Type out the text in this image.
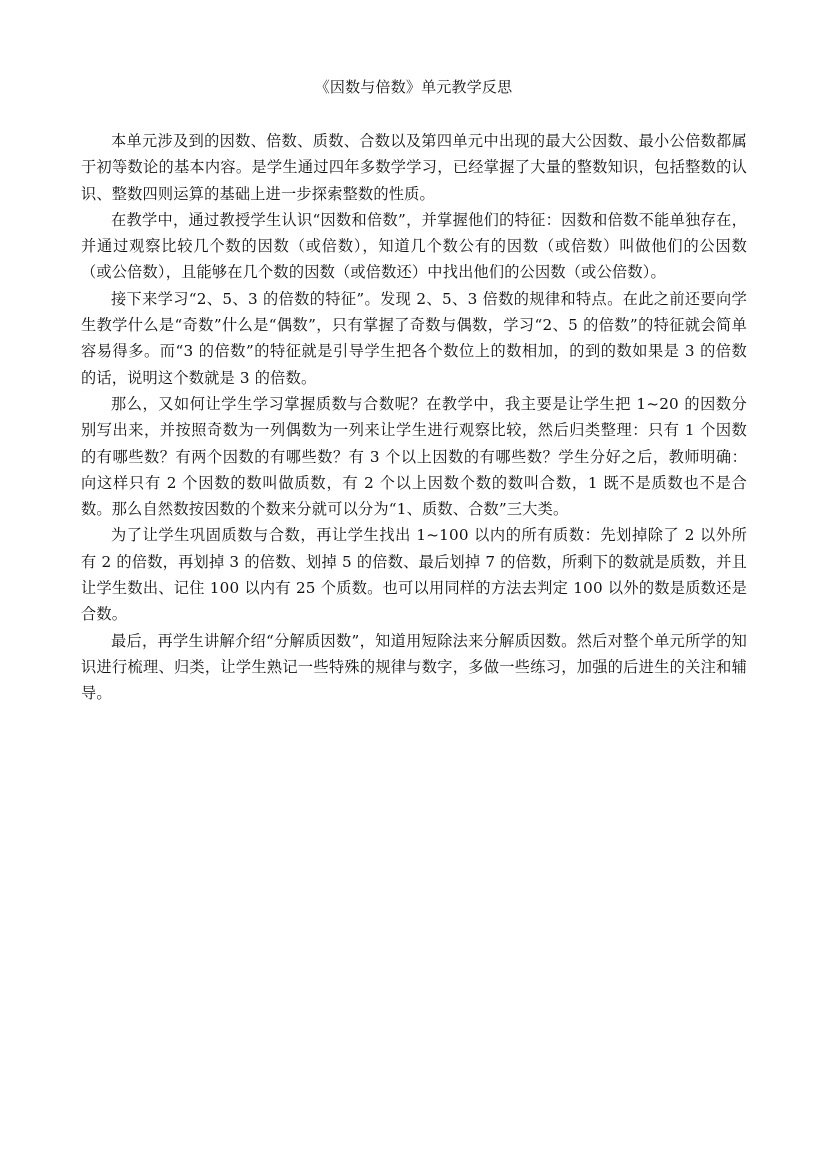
《因数与倍数》单元教学反思

本单元涉及到的因数、倍数、质数、合数以及第四单元中出现的最大公因数、最小公倍数都属于初等数论的基本内容。是学生通过四年多数学学习，已经掌握了大量的整数知识，包括整数的认识、整数四则运算的基础上进一步探索整数的性质。

在教学中，通过教授学生认识“因数和倍数”，并掌握他们的特征：因数和倍数不能单独存在，并通过观察比较几个数的因数（或倍数），知道几个数公有的因数（或倍数）叫做他们的公因数（或公倍数），且能够在几个数的因数（或倍数还）中找出他们的公因数（或公倍数）。

接下来学习“2、5、3 的倍数的特征”。发现 2、5、3 倍数的规律和特点。在此之前还要向学生教学什么是“奇数”什么是“偶数”，只有掌握了奇数与偶数，学习“2、5 的倍数”的特征就会简单容易得多。而“3 的倍数”的特征就是引导学生把各个数位上的数相加，的到的数如果是 3 的倍数的话，说明这个数就是 3 的倍数。

那么，又如何让学生学习掌握质数与合数呢？在教学中，我主要是让学生把 1~20 的因数分别写出来，并按照奇数为一列偶数为一列来让学生进行观察比较，然后归类整理：只有 1 个因数的有哪些数？有两个因数的有哪些数？有 3 个以上因数的有哪些数？学生分好之后，教师明确：向这样只有 2 个因数的数叫做质数，有 2 个以上因数个数的数叫合数，1 既不是质数也不是合数。那么自然数按因数的个数来分就可以分为“1、质数、合数”三大类。

为了让学生巩固质数与合数，再让学生找出 1~100 以内的所有质数：先划掉除了 2 以外所有 2 的倍数，再划掉 3 的倍数、划掉 5 的倍数、最后划掉 7 的倍数，所剩下的数就是质数，并且让学生数出、记住 100 以内有 25 个质数。也可以用同样的方法去判定 100 以外的数是质数还是合数。

最后，再学生讲解介绍“分解质因数”，知道用短除法来分解质因数。然后对整个单元所学的知识进行梳理、归类，让学生熟记一些特殊的规律与数字，多做一些练习，加强的后进生的关注和辅导。
